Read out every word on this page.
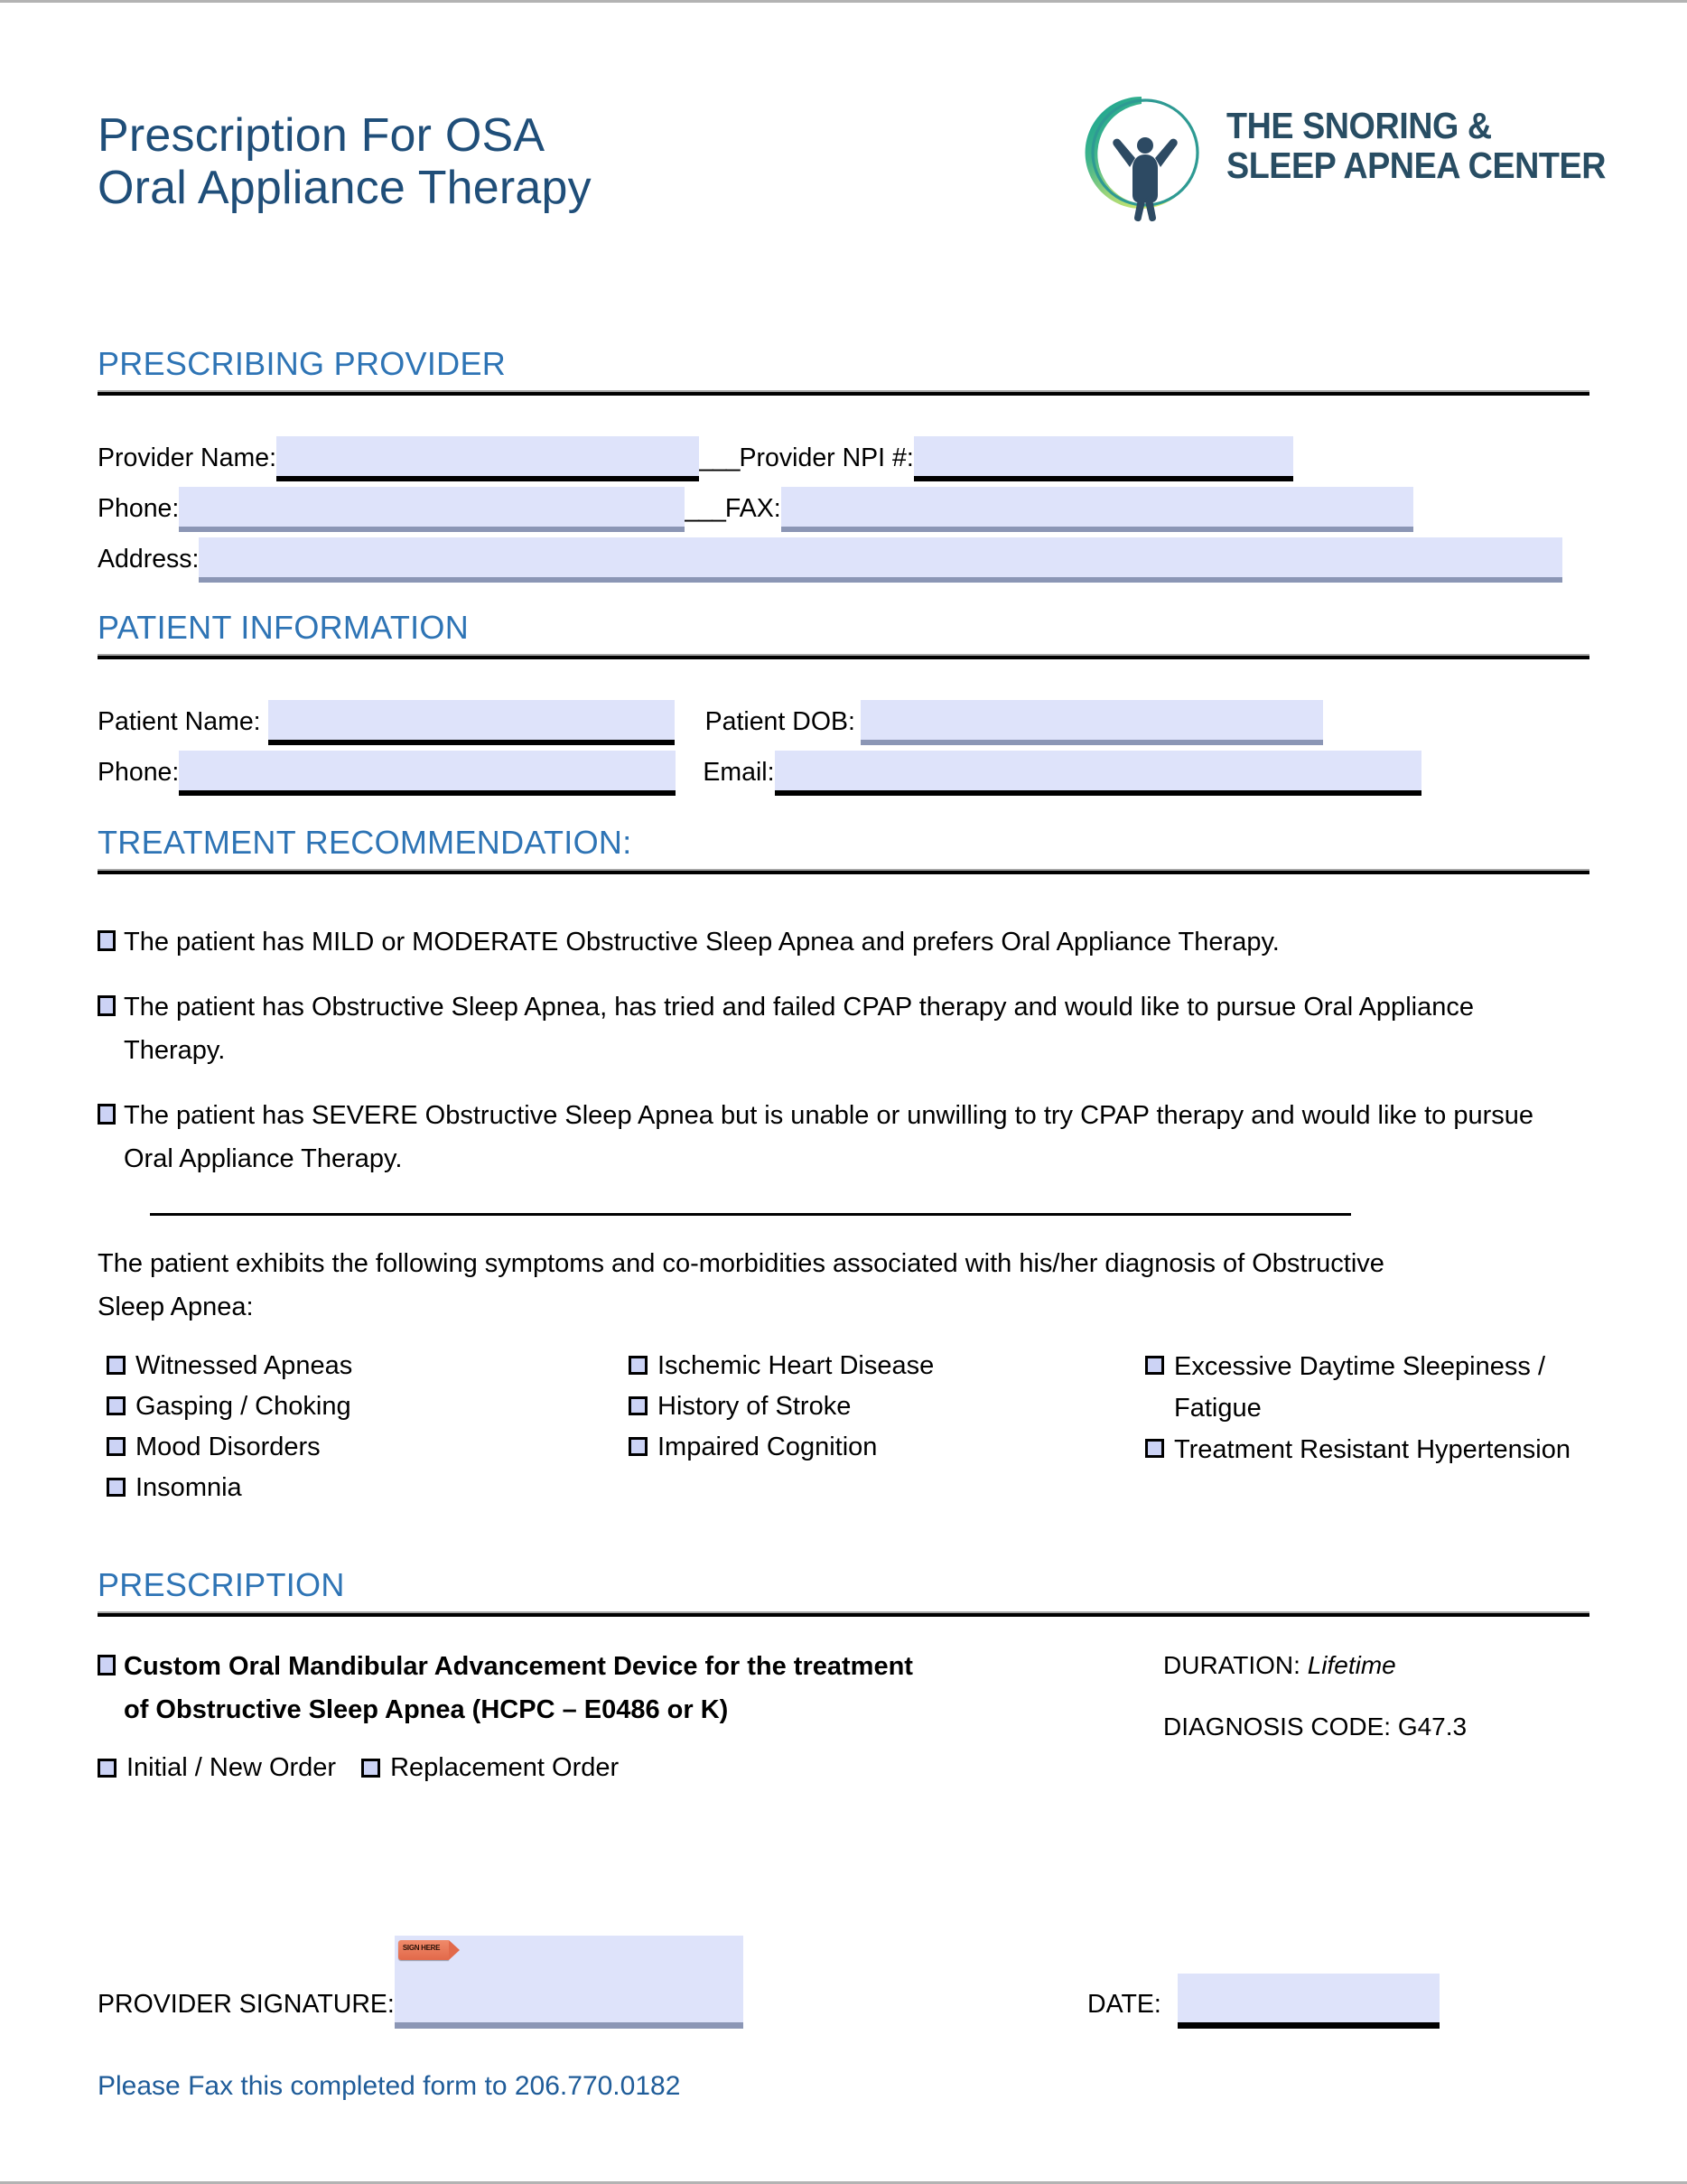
Prescription For OSA
Oral Appliance Therapy
THE SNORING &
SLEEP APNEA CENTER
PRESCRIBING PROVIDER
Provider Name:	___ Provider NPI #:
Phone:	___ FAX:
Address:
PATIENT INFORMATION
Patient Name:	Patient DOB:
Phone:	Email:
TREATMENT RECOMMENDATION:
The patient has MILD or MODERATE Obstructive Sleep Apnea and prefers Oral Appliance Therapy.
The patient has Obstructive Sleep Apnea, has tried and failed CPAP therapy and would like to pursue Oral Appliance Therapy.
The patient has SEVERE Obstructive Sleep Apnea but is unable or unwilling to try CPAP therapy and would like to pursue Oral Appliance Therapy.
The patient exhibits the following symptoms and co-morbidities associated with his/her diagnosis of Obstructive Sleep Apnea:
Witnessed Apneas
Gasping / Choking
Mood Disorders
Insomnia
Ischemic Heart Disease
History of Stroke
Impaired Cognition
Excessive Daytime Sleepiness / Fatigue
Treatment Resistant Hypertension
PRESCRIPTION
Custom Oral Mandibular Advancement Device for the treatment
of Obstructive Sleep Apnea (HCPC – E0486 or K)
DURATION: Lifetime
DIAGNOSIS CODE: G47.3
Initial / New Order Replacement Order
PROVIDER SIGNATURE:
SIGN HERE
DATE:
Please Fax this completed form to 206.770.0182
